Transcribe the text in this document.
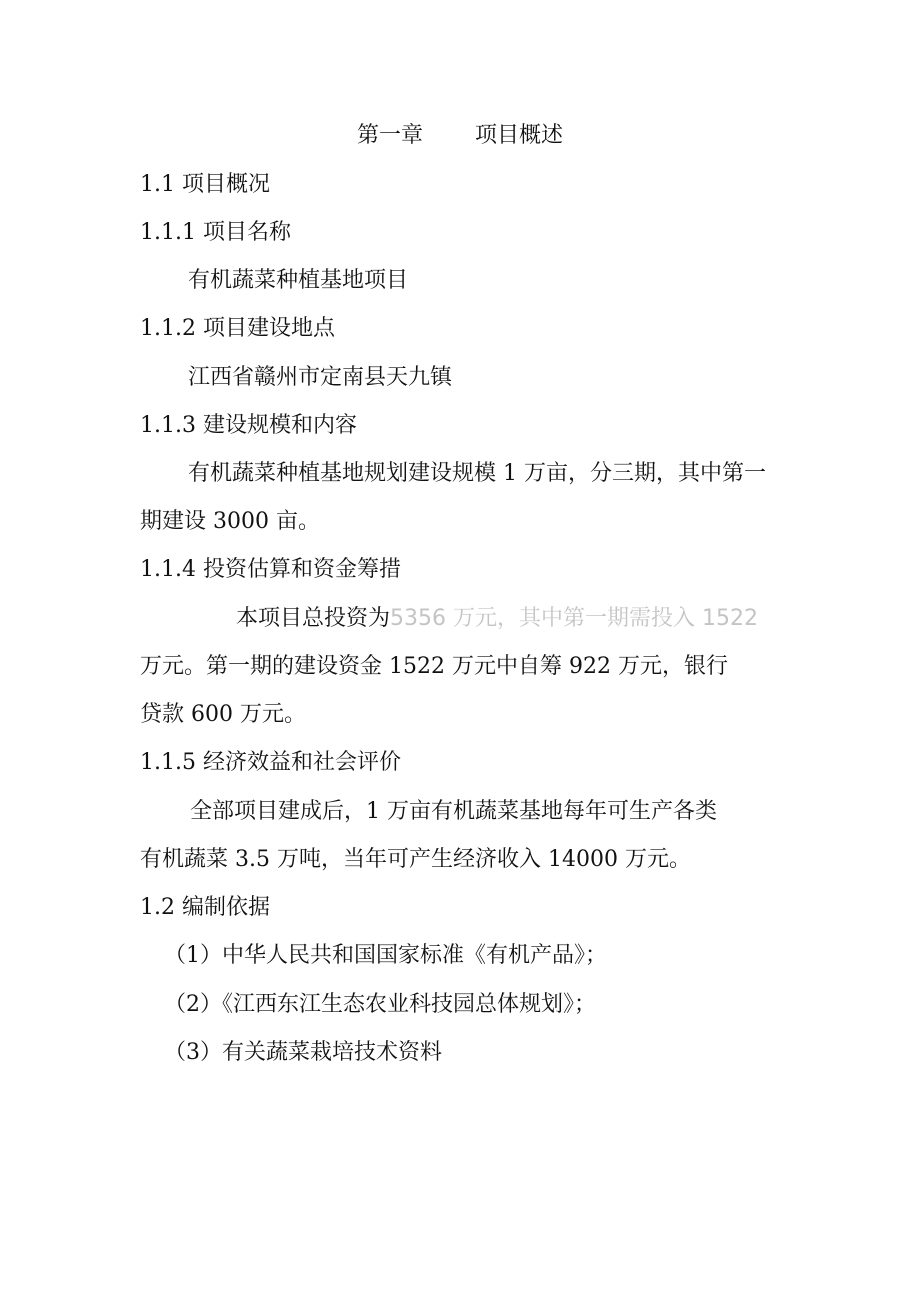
第一章 项目概述
1.1 项目概况
1.1.1 项目名称
有机蔬菜种植基地项目
1.1.2 项目建设地点
江西省赣州市定南县天九镇
1.1.3 建设规模和内容
有机蔬菜种植基地规划建设规模 1 万亩，分三期，其中第一
期建设 3000 亩。
1.1.4 投资估算和资金筹措
本项目总投资为5356 万元，其中第一期需投入 1522
万元。第一期的建设资金 1522 万元中自筹 922 万元，银行
贷款 600 万元。
1.1.5 经济效益和社会评价
全部项目建成后，1 万亩有机蔬菜基地每年可生产各类
有机蔬菜 3.5 万吨，当年可产生经济收入 14000 万元。
1.2 编制依据
（1）中华人民共和国国家标准《有机产品》；
（2）《江西东江生态农业科技园总体规划》；
（3）有关蔬菜栽培技术资料
